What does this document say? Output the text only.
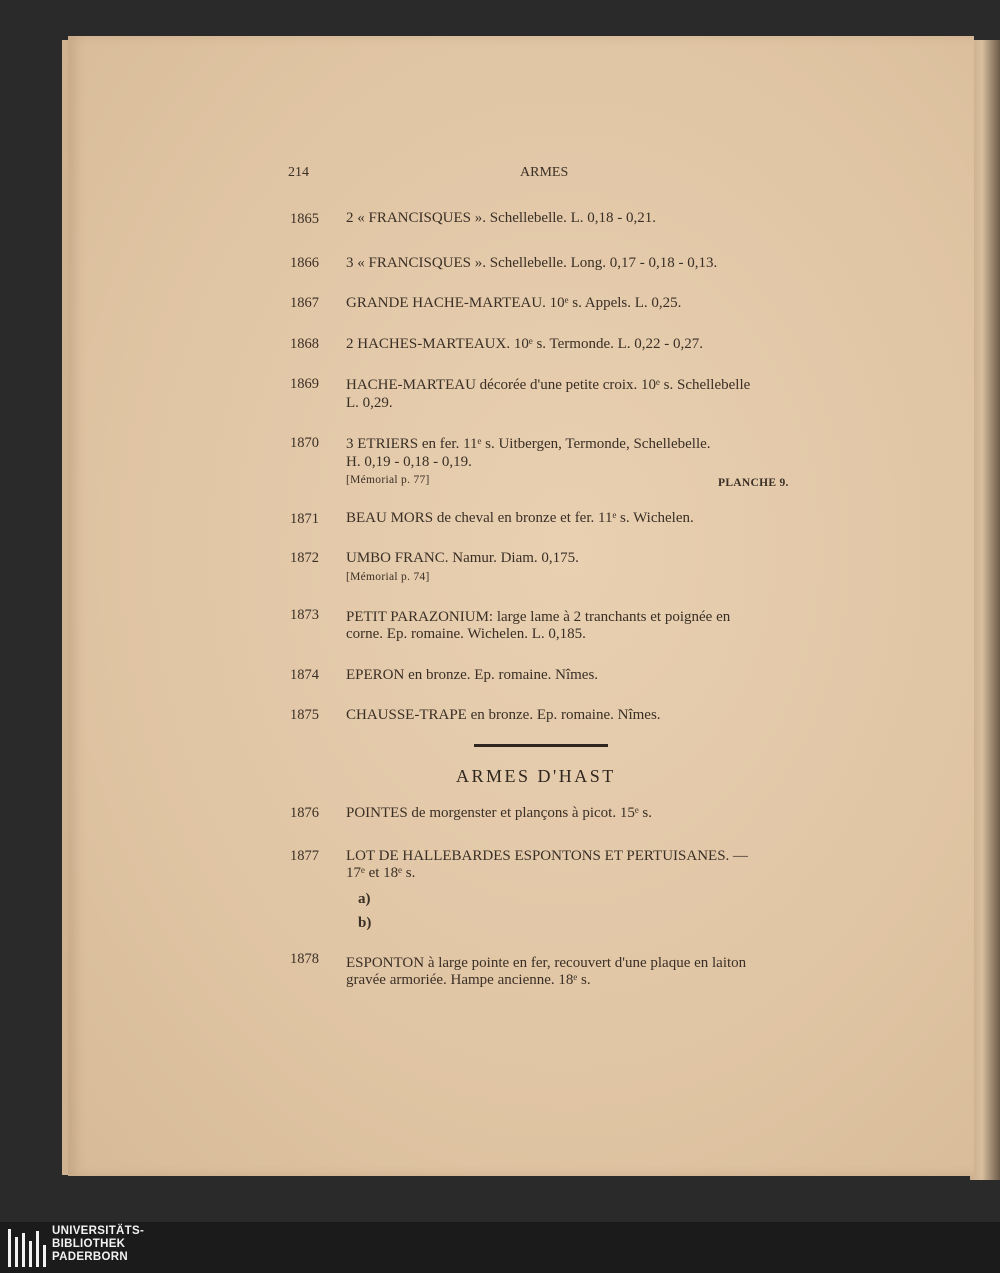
214	ARMES
1865 2 « FRANCISQUES ». Schellebelle. L. 0,18 - 0,21.
1866 3 « FRANCISQUES ». Schellebelle. Long. 0,17 - 0,18 - 0,13.
1867 GRANDE HACHE-MARTEAU. 10ᵉ s. Appels. L. 0,25.
1868 2 HACHES-MARTEAUX. 10ᵉ s. Termonde. L. 0,22 - 0,27.
1869 HACHE-MARTEAU décorée d'une petite croix. 10ᵉ s. Schellebelle
L. 0,29.
1870 3 ETRIERS en fer. 11ᵉ s. Uitbergen, Termonde, Schellebelle.
H. 0,19 - 0,18 - 0,19.
[Mémorial p. 77]	PLANCHE 9.
1871 BEAU MORS de cheval en bronze et fer. 11ᵉ s. Wichelen.
1872 UMBO FRANC. Namur. Diam. 0,175.
[Mémorial p. 74]
1873 PETIT PARAZONIUM: large lame à 2 tranchants et poignée en
corne. Ep. romaine. Wichelen. L. 0,185.
1874 EPERON en bronze. Ep. romaine. Nîmes.
1875 CHAUSSE-TRAPE en bronze. Ep. romaine. Nîmes.
ARMES D'HAST
1876 POINTES de morgenster et plançons à picot. 15ᵉ s.
1877 LOT DE HALLEBARDES ESPONTONS ET PERTUISANES. —
17ᵉ et 18ᵉ s.
a)
b)
1878 ESPONTON à large pointe en fer, recouvert d'une plaque en laiton
gravée armoriée. Hampe ancienne. 18ᵉ s.
UNIVERSITÄTS-
BIBLIOTHEK
PADERBORN
